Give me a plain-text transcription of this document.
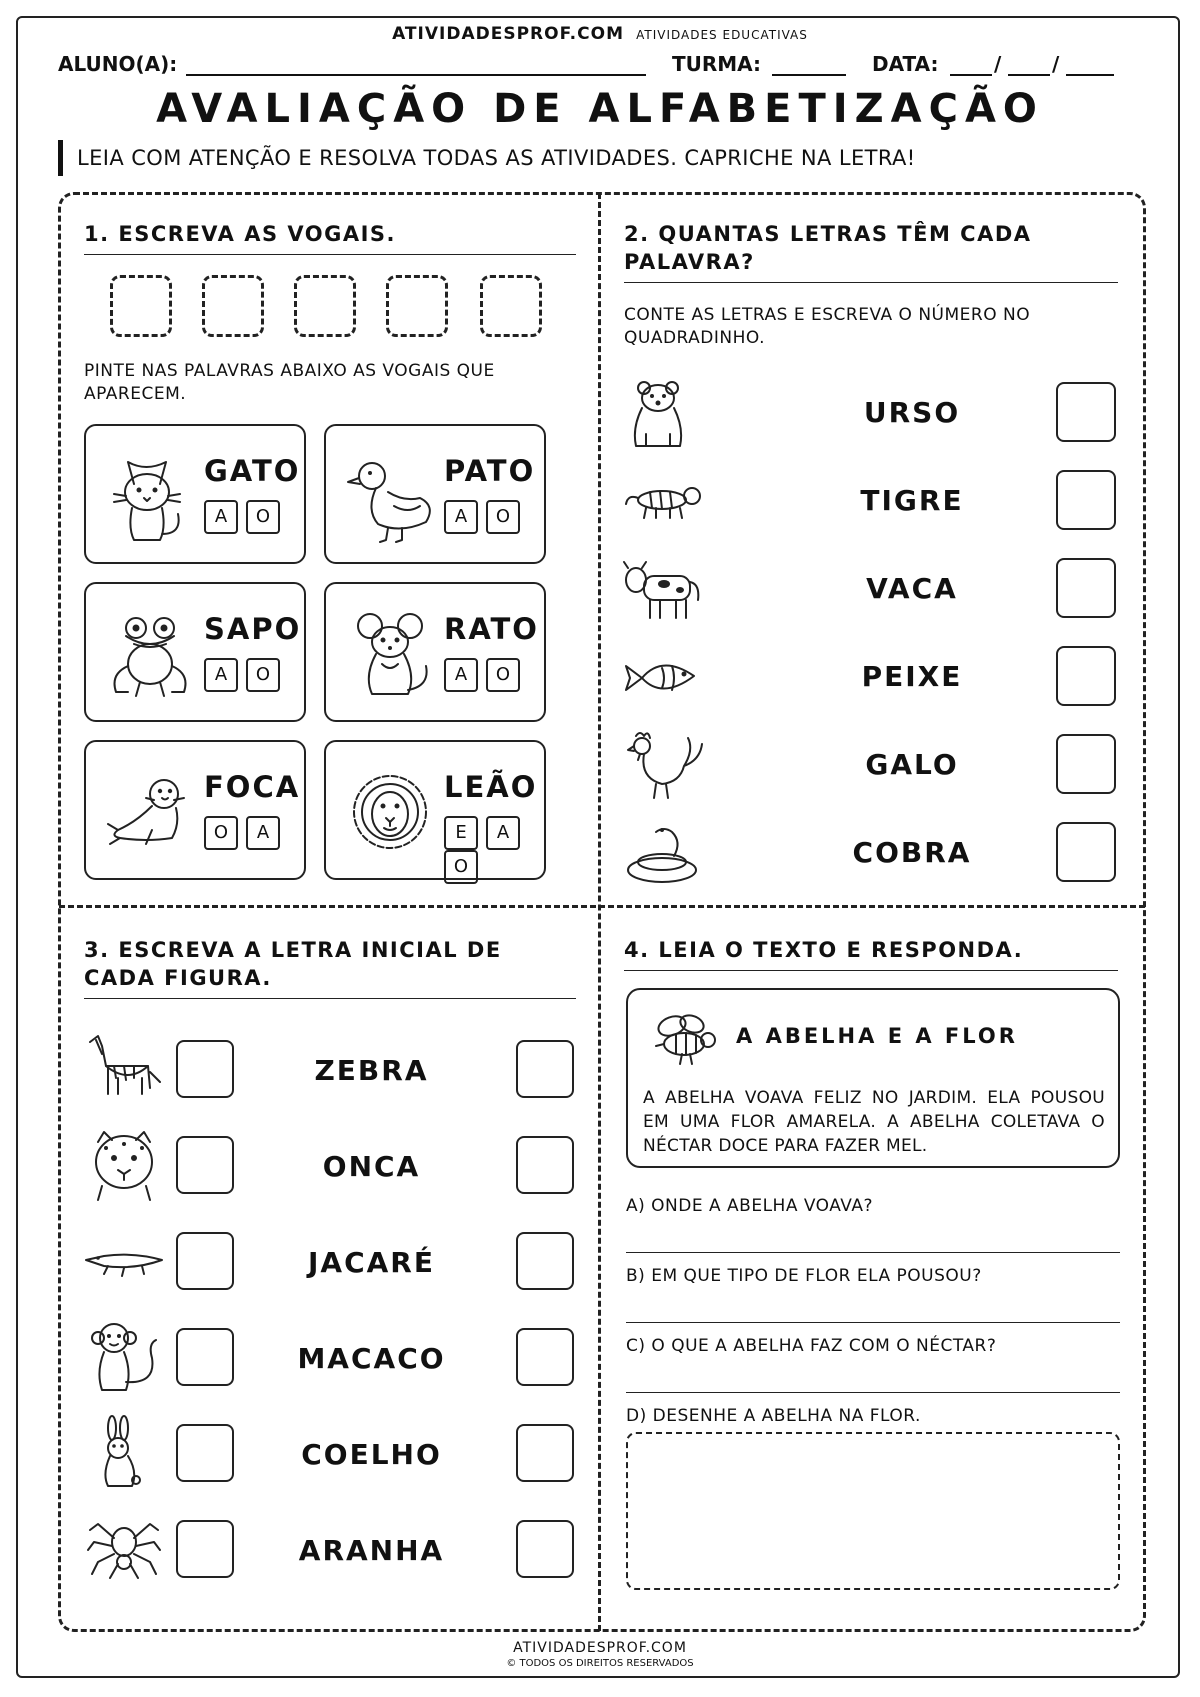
ATIVIDADESPROF.COM ATIVIDADES EDUCATIVAS
ALUNO(A):	TURMA:	DATA:	/	/
AVALIAÇÃO DE ALFABETIZAÇÃO
LEIA COM ATENÇÃO E RESOLVA TODAS AS ATIVIDADES. CAPRICHE NA LETRA!
1. ESCREVA AS VOGAIS.
PINTE NAS PALAVRAS ABAIXO AS VOGAIS QUE APARECEM.
GATO
A O
PATO
A O
SAPO
A O
RATO
A O
FOCA
O A
LEÃO
E AO
2. QUANTAS LETRAS TÊM CADA PALAVRA?
CONTE AS LETRAS E ESCREVA O NÚMERO NO QUADRADINHO.
URSO
TIGRE
VACA
PEIXE
GALO
COBRA
3. ESCREVA A LETRA INICIAL DE CADA FIGURA.
ZEBRA
ONCA
JACARÉ
MACACO
COELHO
ARANHA
4. LEIA O TEXTO E RESPONDA.
A ABELHA E A FLOR
A ABELHA VOAVA FELIZ NO JARDIM. ELA POUSOU EM UMA FLOR AMARELA. A ABELHA COLETAVA O NÉCTAR DOCE PARA FAZER MEL.
A) ONDE A ABELHA VOAVA?
B) EM QUE TIPO DE FLOR ELA POUSOU?
C) O QUE A ABELHA FAZ COM O NÉCTAR?
D) DESENHE A ABELHA NA FLOR.
ATIVIDADESPROF.COM
© TODOS OS DIREITOS RESERVADOS
